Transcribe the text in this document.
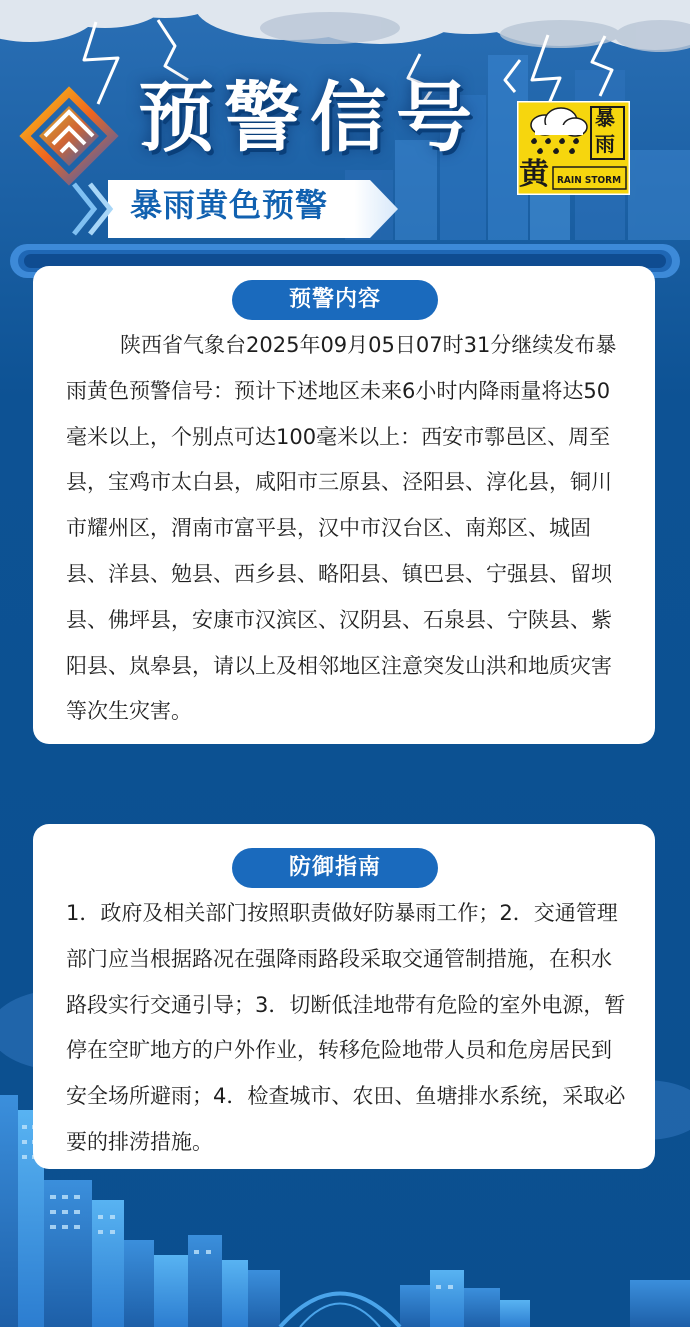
预警信号
暴雨黄色预警
暴雨
黄 RAIN STORM
预警内容
陕西省气象台2025年09月05日07时31分继续发布暴雨黄色预警信号：预计下述地区未来6小时内降雨量将达50毫米以上，个别点可达100毫米以上：西安市鄠邑区、周至县，宝鸡市太白县，咸阳市三原县、泾阳县、淳化县，铜川市耀州区，渭南市富平县，汉中市汉台区、南郑区、城固县、洋县、勉县、西乡县、略阳县、镇巴县、宁强县、留坝县、佛坪县，安康市汉滨区、汉阴县、石泉县、宁陕县、紫阳县、岚皋县，请以上及相邻地区注意突发山洪和地质灾害等次生灾害。
防御指南
1．政府及相关部门按照职责做好防暴雨工作；2．交通管理部门应当根据路况在强降雨路段采取交通管制措施，在积水路段实行交通引导；3．切断低洼地带有危险的室外电源，暂停在空旷地方的户外作业，转移危险地带人员和危房居民到安全场所避雨；4．检查城市、农田、鱼塘排水系统，采取必要的排涝措施。
